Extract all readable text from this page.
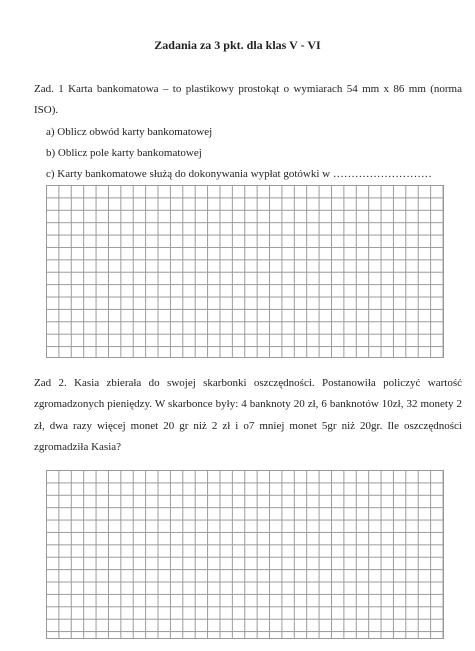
Zadania za 3 pkt. dla klas V - VI
Zad. 1 Karta bankomatowa – to plastikowy prostokąt o wymiarach 54 mm x 86 mm (norma ISO).
a) Oblicz obwód karty bankomatowej
b) Oblicz pole karty bankomatowej
c) Karty bankomatowe służą do dokonywania wypłat gotówki w ………………………
Zad 2. Kasia zbierała do swojej skarbonki oszczędności. Postanowiła policzyć wartość zgromadzonych pieniędzy. W skarbonce były: 4 banknoty 20 zł, 6 banknotów 10zł, 32 monety 2 zł, dwa razy więcej monet 20 gr niż 2 zł i o7 mniej monet 5gr niż 20gr. Ile oszczędności zgromadziła Kasia?
